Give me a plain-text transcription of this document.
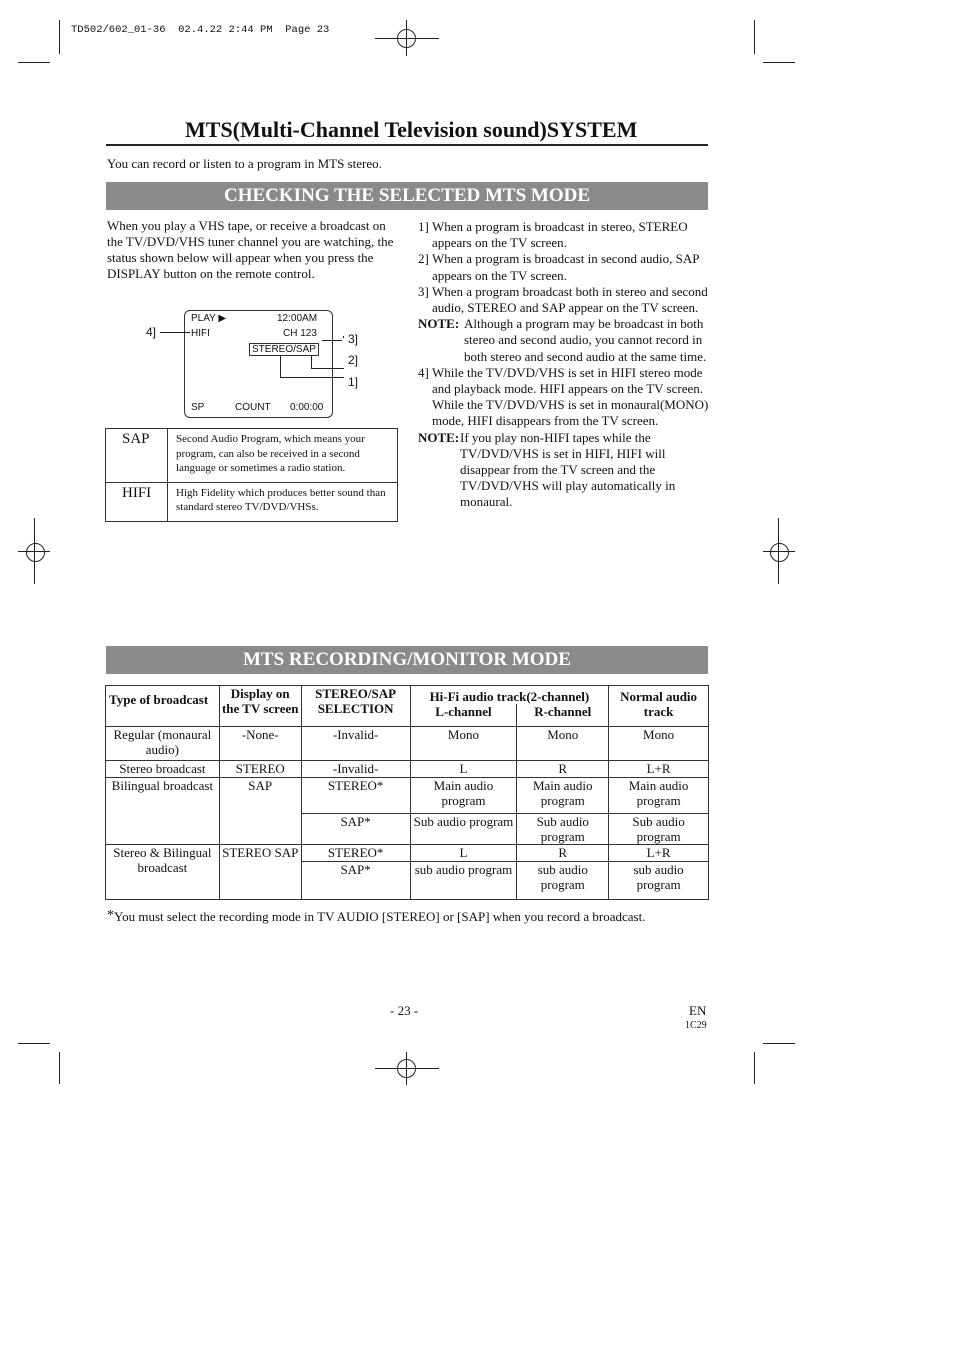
TD502/602_01-36  02.4.22 2:44 PM  Page 23
MTS(Multi-Channel Television sound)SYSTEM
You can record or listen to a program in MTS stereo.
CHECKING THE SELECTED MTS MODE

When you play a VHS tape, or receive a broadcast on the TV/DVD/VHS tuner channel you are watching, the status shown below will appear when you press the DISPLAY button on the remote control.

PLAY ▶	12:00AM
HIFI	CH 123
STEREO/SAP
SP	COUNT 0:00:00
4]	3]
2]
1]
SAP	Second Audio Program, which means your program, can also be received in a second language or sometimes a radio station.
HIFI	High Fidelity which produces better sound than standard stereo TV/DVD/VHSs.
1] When a program is broadcast in stereo, STEREO appears on the TV screen.
2] When a program is broadcast in second audio, SAP appears on the TV screen.
3] When a program broadcast both in stereo and second audio, STEREO and SAP appear on the TV screen.
NOTE: Although a program may be broadcast in both stereo and second audio, you cannot record in both stereo and second audio at the same time.
4] While the TV/DVD/VHS is set in HIFI stereo mode and playback mode. HIFI appears on the TV screen. While the TV/DVD/VHS is set in monaural(MONO) mode, HIFI disappears from the TV screen.
NOTE: If you play non-HIFI tapes while the TV/DVD/VHS is set in HIFI, HIFI will disappear from the TV screen and the TV/DVD/VHS will play automatically in monaural.
MTS RECORDING/MONITOR MODE
Type of broadcast	Display on the TV screen	STEREO/SAP SELECTION	Hi-Fi audio track(2-channel)		Normal audio track
			L-channel	R-channel	
Regular (monaural audio)	-None-	-Invalid-	Mono	Mono	Mono
Stereo broadcast	STEREO	-Invalid-	L	R	L+R
Bilingual broadcast	SAP	STEREO*	Main audio program	Main audio program	Main audio program
		SAP*	Sub audio program	Sub audio program	Sub audio program
Stereo & Bilingual broadcast	STEREO SAP	STEREO*	L	R	L+R
		SAP*	sub audio program	sub audio program	sub audio program
*You must select the recording mode in TV AUDIO [STEREO] or [SAP] when you record a broadcast.
- 23 -	EN
1C29
